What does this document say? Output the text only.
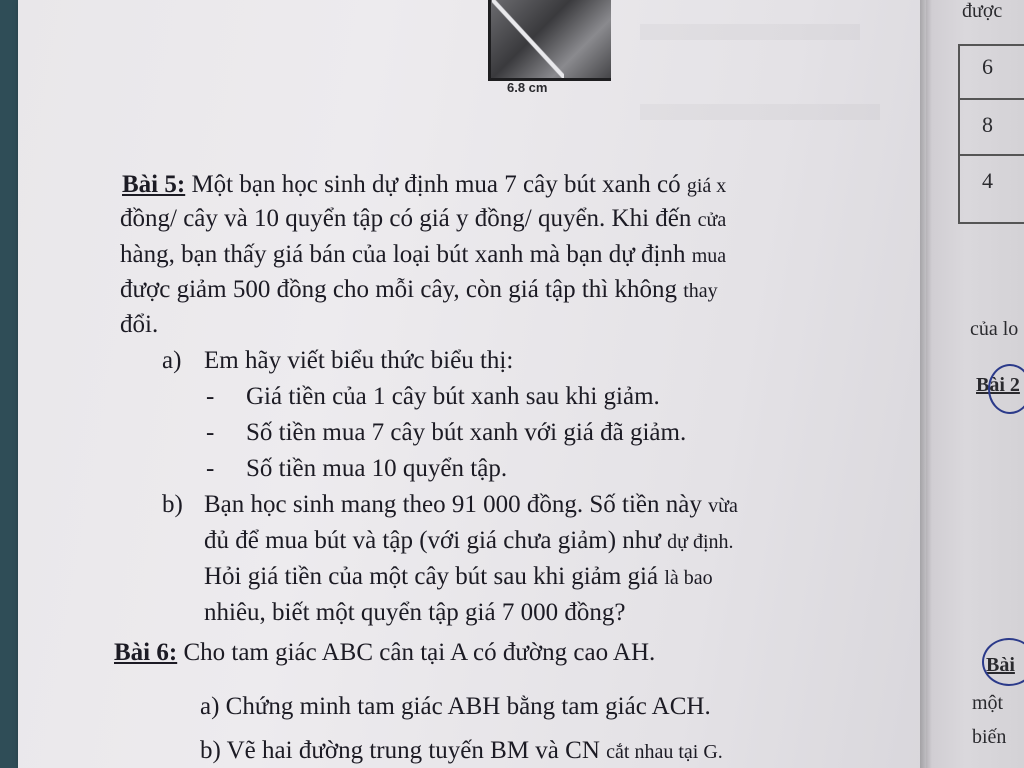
6.8 cm
Bài 5: Một bạn học sinh dự định mua 7 cây bút xanh có giá x
đồng/ cây và 10 quyển tập có giá y đồng/ quyển. Khi đến cửa
hàng, bạn thấy giá bán của loại bút xanh mà bạn dự định mua
được giảm 500 đồng cho mỗi cây, còn giá tập thì không thay
đổi.
a) Em hãy viết biểu thức biểu thị:
- Giá tiền của 1 cây bút xanh sau khi giảm.
- Số tiền mua 7 cây bút xanh với giá đã giảm.
- Số tiền mua 10 quyển tập.
b) Bạn học sinh mang theo 91 000 đồng. Số tiền này vừa
đủ để mua bút và tập (với giá chưa giảm) như dự định.
Hỏi giá tiền của một cây bút sau khi giảm giá là bao
nhiêu, biết một quyển tập giá 7 000 đồng?
Bài 6: Cho tam giác ABC cân tại A có đường cao AH.
a) Chứng minh tam giác ABH bằng tam giác ACH.
b) Vẽ hai đường trung tuyến BM và CN cắt nhau tại G.
được
6
8
4
của lo
Bài 2
Bài
một
biến
